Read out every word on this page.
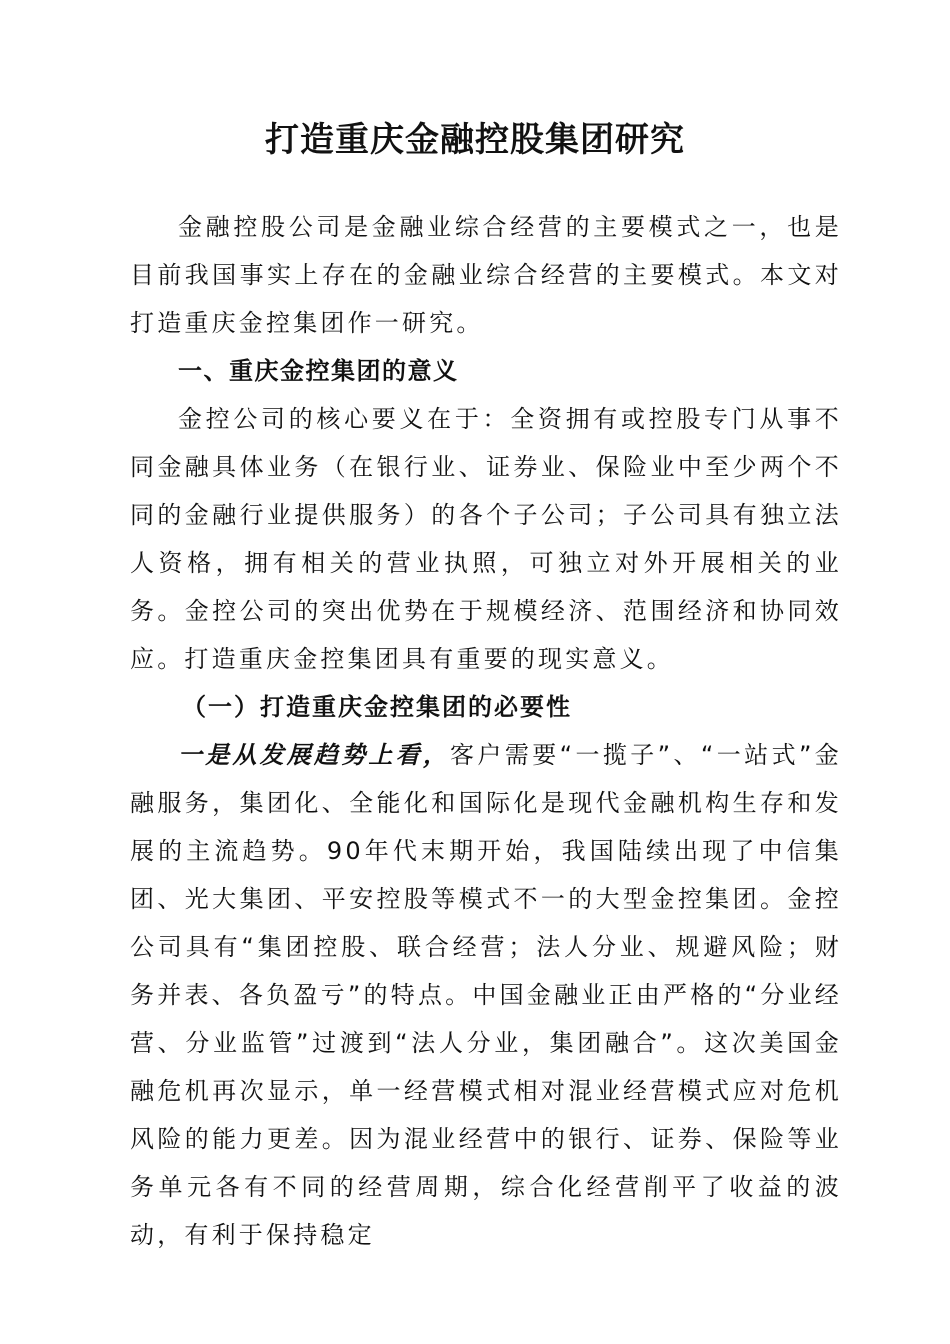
打造重庆金融控股集团研究

金融控股公司是金融业综合经营的主要模式之一，也是目前我国事实上存在的金融业综合经营的主要模式。本文对打造重庆金控集团作一研究。

一、重庆金控集团的意义

金控公司的核心要义在于：全资拥有或控股专门从事不同金融具体业务（在银行业、证券业、保险业中至少两个不同的金融行业提供服务）的各个子公司；子公司具有独立法人资格，拥有相关的营业执照，可独立对外开展相关的业务。金控公司的突出优势在于规模经济、范围经济和协同效应。打造重庆金控集团具有重要的现实意义。

（一）打造重庆金控集团的必要性

一是从发展趋势上看，客户需要“一揽子”、“一站式”金融服务，集团化、全能化和国际化是现代金融机构生存和发展的主流趋势。90年代末期开始，我国陆续出现了中信集团、光大集团、平安控股等模式不一的大型金控集团。金控公司具有“集团控股、联合经营；法人分业、规避风险；财务并表、各负盈亏”的特点。中国金融业正由严格的“分业经营、分业监管”过渡到“法人分业，集团融合”。这次美国金融危机再次显示，单一经营模式相对混业经营模式应对危机风险的能力更差。因为混业经营中的银行、证券、保险等业务单元各有不同的经营周期，综合化经营削平了收益的波动，有利于保持稳定
